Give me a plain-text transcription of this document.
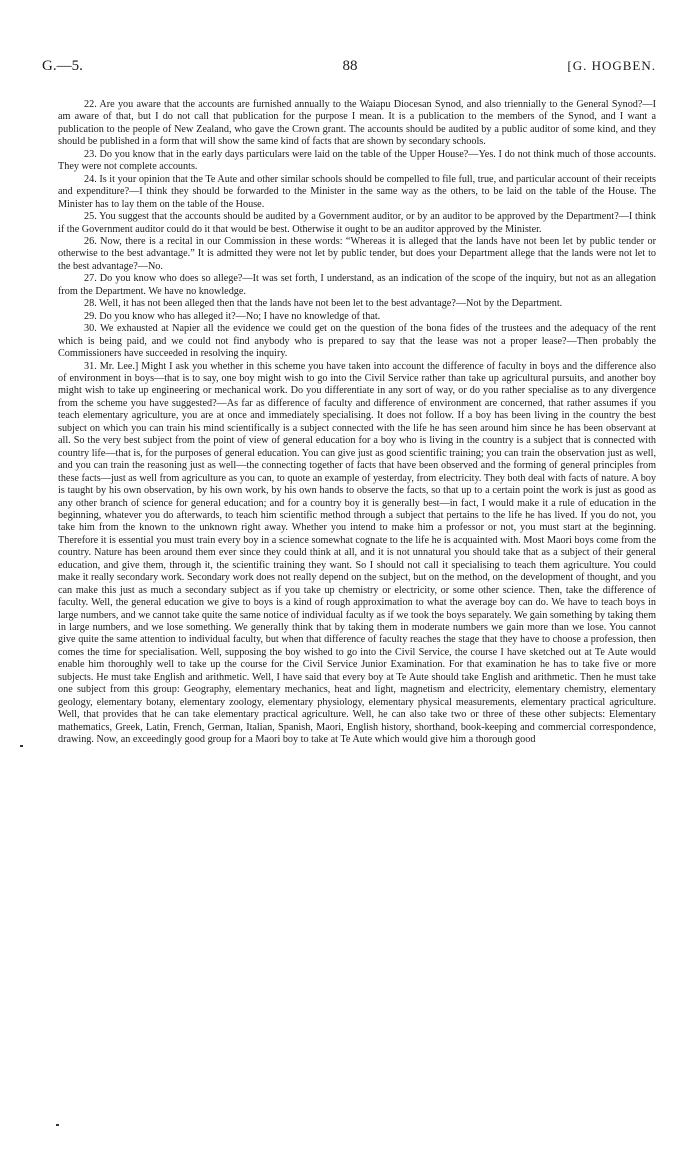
G.—5.	88	[G. HOGBEN.

22. Are you aware that the accounts are furnished annually to the Waiapu Diocesan Synod, and also triennially to the General Synod?—I am aware of that, but I do not call that publication for the purpose I mean. It is a publication to the members of the Synod, and I want a publication to the people of New Zealand, who gave the Crown grant. The accounts should be audited by a public auditor of some kind, and they should be published in a form that will show the same kind of facts that are shown by secondary schools.

23. Do you know that in the early days particulars were laid on the table of the Upper House?—Yes. I do not think much of those accounts. They were not complete accounts.

24. Is it your opinion that the Te Aute and other similar schools should be compelled to file full, true, and particular account of their receipts and expenditure?—I think they should be forwarded to the Minister in the same way as the others, to be laid on the table of the House. The Minister has to lay them on the table of the House.

25. You suggest that the accounts should be audited by a Government auditor, or by an auditor to be approved by the Department?—I think if the Government auditor could do it that would be best. Otherwise it ought to be an auditor approved by the Minister.

26. Now, there is a recital in our Commission in these words: “Whereas it is alleged that the lands have not been let by public tender or otherwise to the best advantage.” It is admitted they were not let by public tender, but does your Department allege that the lands were not let to the best advantage?—No.

27. Do you know who does so allege?—It was set forth, I understand, as an indication of the scope of the inquiry, but not as an allegation from the Department. We have no knowledge.

28. Well, it has not been alleged then that the lands have not been let to the best advantage?—Not by the Department.

29. Do you know who has alleged it?—No; I have no knowledge of that.

30. We exhausted at Napier all the evidence we could get on the question of the bona fides of the trustees and the adequacy of the rent which is being paid, and we could not find anybody who is prepared to say that the lease was not a proper lease?—Then probably the Commissioners have succeeded in resolving the inquiry.

31. Mr. Lee.] Might I ask you whether in this scheme you have taken into account the difference of faculty in boys and the difference also of environment in boys—that is to say, one boy might wish to go into the Civil Service rather than take up agricultural pursuits, and another boy might wish to take up engineering or mechanical work. Do you differentiate in any sort of way, or do you rather specialise as to any divergence from the scheme you have suggested?—As far as difference of faculty and difference of environment are concerned, that rather assumes if you teach elementary agriculture, you are at once and immediately specialising. It does not follow. If a boy has been living in the country the best subject on which you can train his mind scientifically is a subject connected with the life he has seen around him since he has been observant at all. So the very best subject from the point of view of general education for a boy who is living in the country is a subject that is connected with country life—that is, for the purposes of general education. You can give just as good scientific training; you can train the observation just as well, and you can train the reasoning just as well—the connecting together of facts that have been observed and the forming of general principles from these facts—just as well from agriculture as you can, to quote an example of yesterday, from electricity. They both deal with facts of nature. A boy is taught by his own observation, by his own work, by his own hands to observe the facts, so that up to a certain point the work is just as good as any other branch of science for general education; and for a country boy it is generally best—in fact, I would make it a rule of education in the beginning, whatever you do afterwards, to teach him scientific method through a subject that pertains to the life he has lived. If you do not, you take him from the known to the unknown right away. Whether you intend to make him a professor or not, you must start at the beginning. Therefore it is essential you must train every boy in a science somewhat cognate to the life he is acquainted with. Most Maori boys come from the country. Nature has been around them ever since they could think at all, and it is not unnatural you should take that as a subject of their general education, and give them, through it, the scientific training they want. So I should not call it specialising to teach them agriculture. You could make it really secondary work. Secondary work does not really depend on the subject, but on the method, on the development of thought, and you can make this just as much a secondary subject as if you take up chemistry or electricity, or some other science. Then, take the difference of faculty. Well, the general education we give to boys is a kind of rough approximation to what the average boy can do. We have to teach boys in large numbers, and we cannot take quite the same notice of individual faculty as if we took the boys separately. We gain something by taking them in large numbers, and we lose something. We generally think that by taking them in moderate numbers we gain more than we lose. You cannot give quite the same attention to individual faculty, but when that difference of faculty reaches the stage that they have to choose a profession, then comes the time for specialisation. Well, supposing the boy wished to go into the Civil Service, the course I have sketched out at Te Aute would enable him thoroughly well to take up the course for the Civil Service Junior Examination. For that examination he has to take five or more subjects. He must take English and arithmetic. Well, I have said that every boy at Te Aute should take English and arithmetic. Then he must take one subject from this group: Geography, elementary mechanics, heat and light, magnetism and electricity, elementary chemistry, elementary geology, elementary botany, elementary zoology, elementary physiology, elementary physical measurements, elementary practical agriculture. Well, that provides that he can take elementary practical agriculture. Well, he can also take two or three of these other subjects: Elementary mathematics, Greek, Latin, French, German, Italian, Spanish, Maori, English history, shorthand, book-keeping and commercial correspondence, drawing. Now, an exceedingly good group for a Maori boy to take at Te Aute which would give him a thorough good
